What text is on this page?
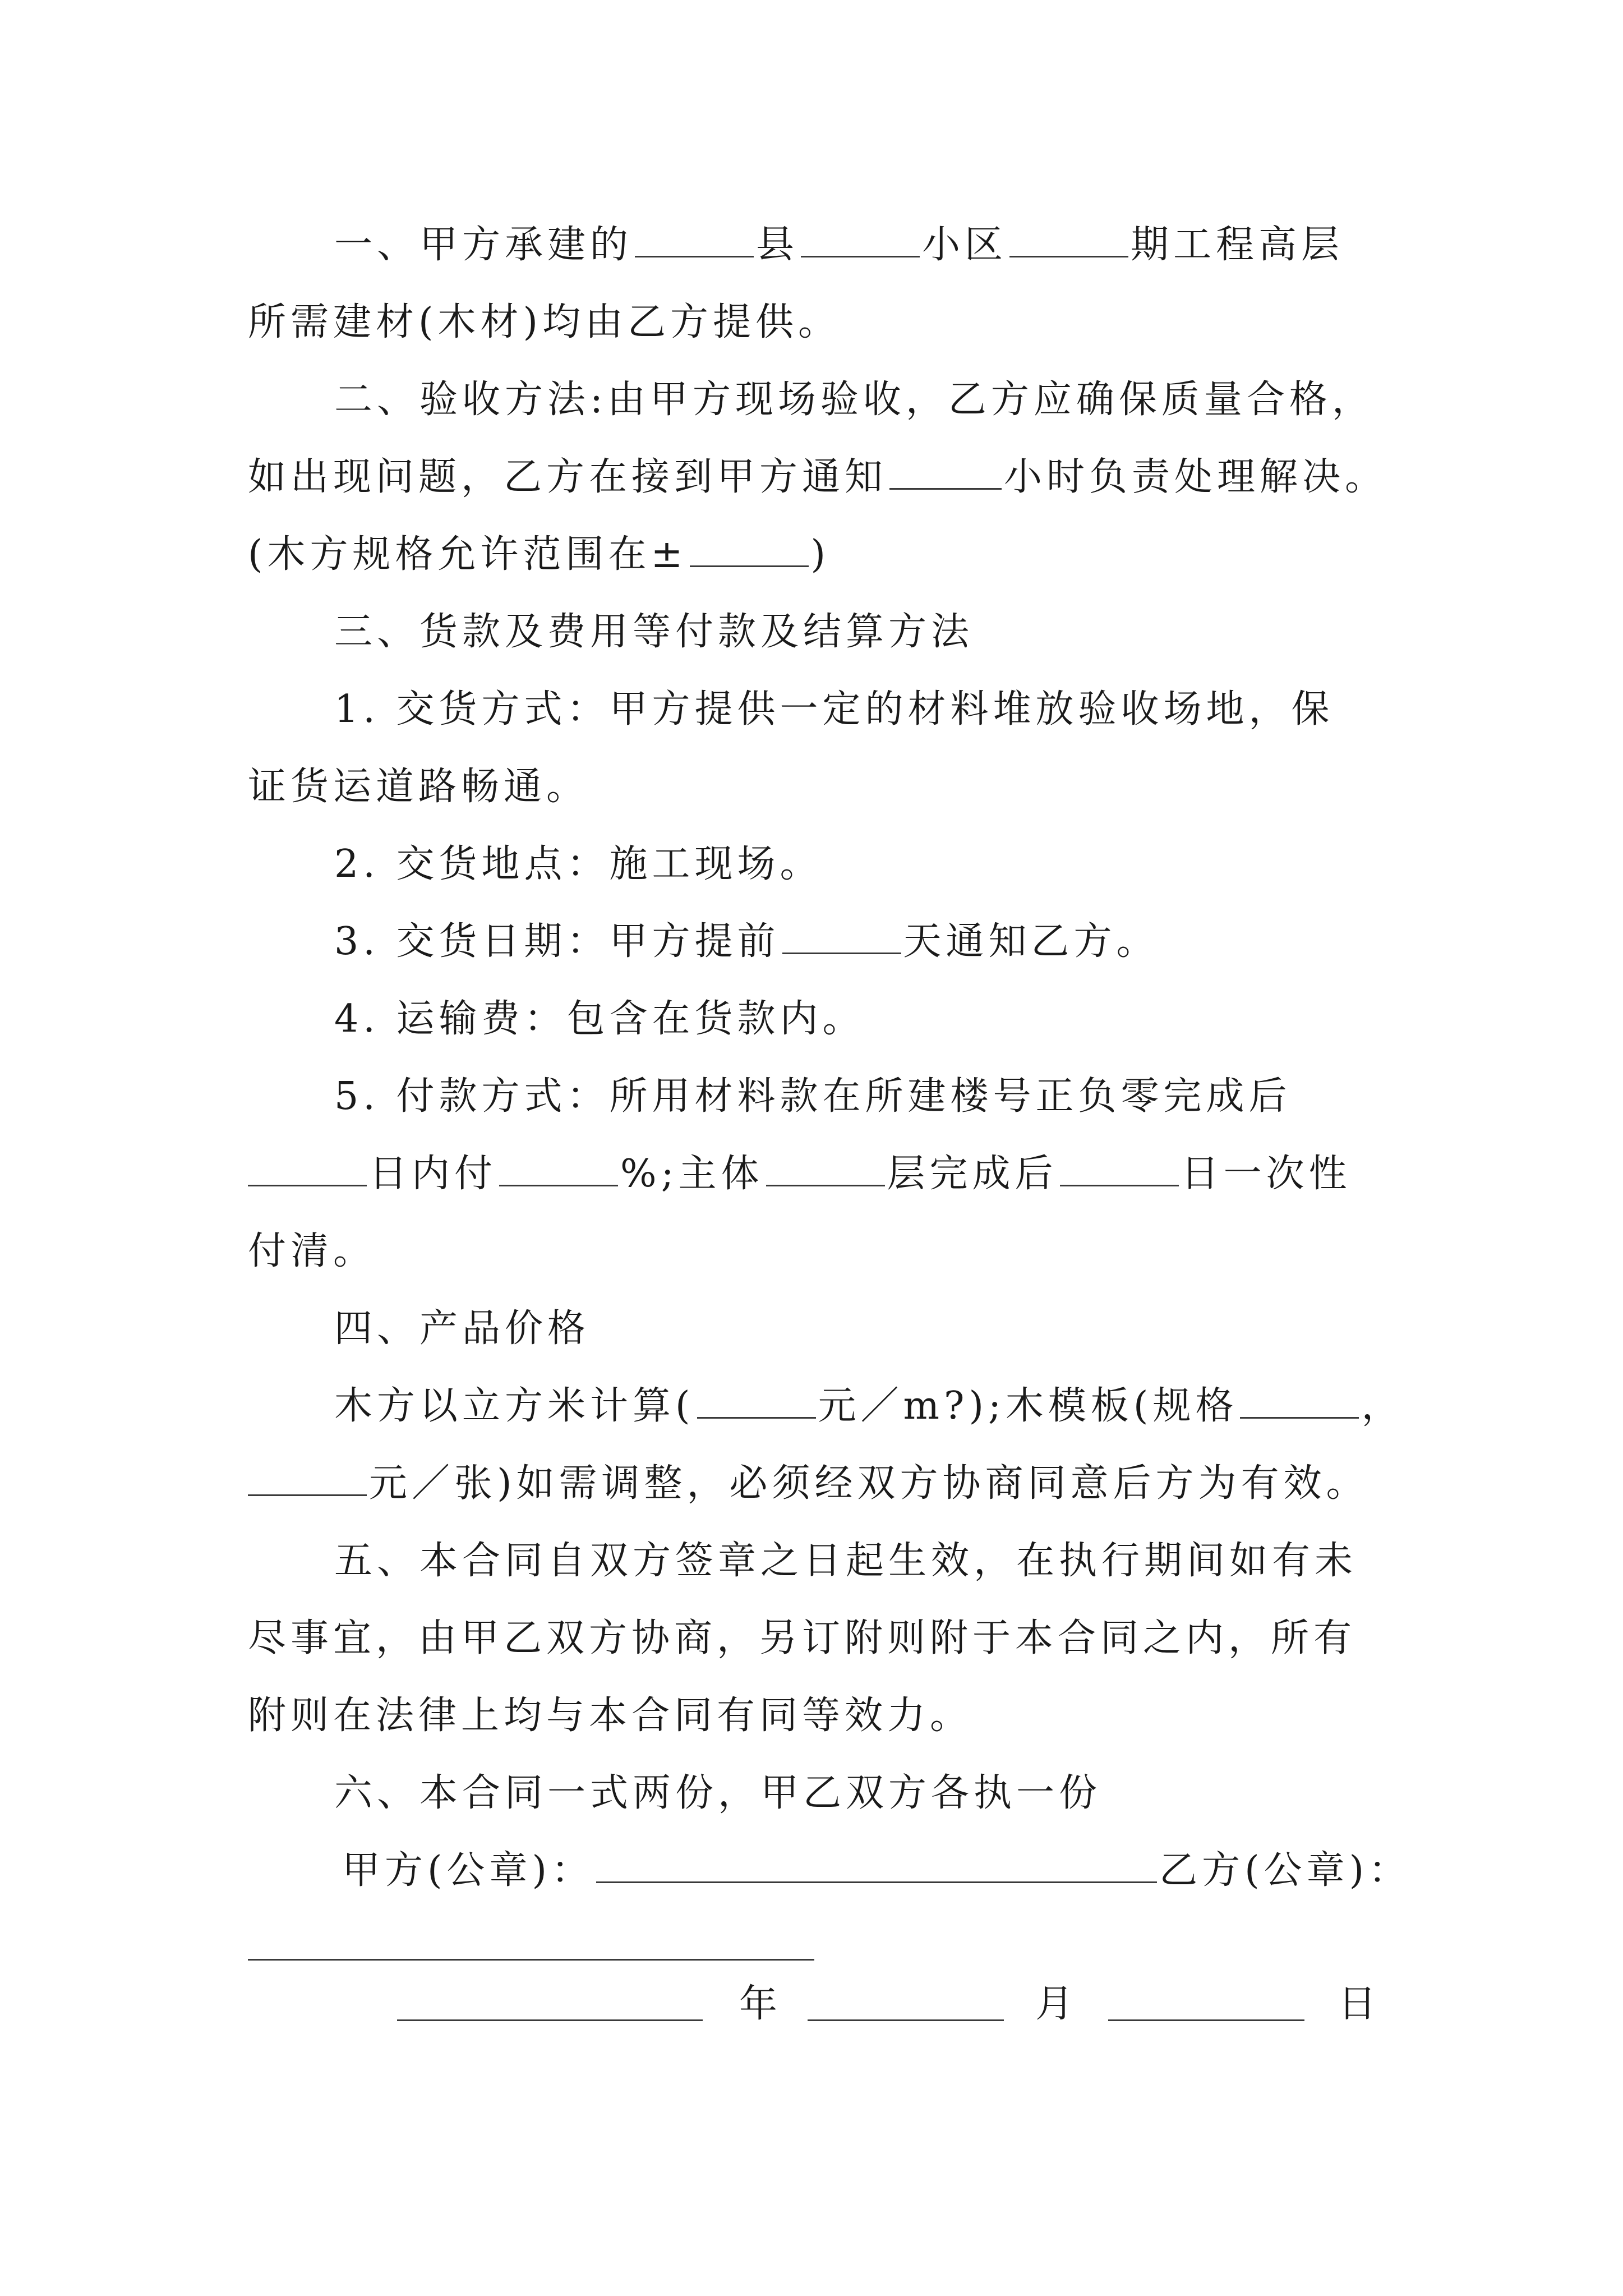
一、甲方承建的	县	小区	期工程高层
所需建材(木材)均由乙方提供。
二、验收方法:由甲方现场验收，乙方应确保质量合格，
如出现问题，乙方在接到甲方通知	小时负责处理解决。
(木方规格允许范围在±	)
三、货款及费用等付款及结算方法
1. 交货方式：甲方提供一定的材料堆放验收场地，保
证货运道路畅通。
2. 交货地点：施工现场。
3. 交货日期：甲方提前	天通知乙方。
4. 运输费：包含在货款内。
5. 付款方式：所用材料款在所建楼号正负零完成后
日内付	%;主体	层完成后	日一次性
付清。
四、产品价格
木方以立方米计算(	元／m?);木模板(规格	，
元／张)如需调整，必须经双方协商同意后方为有效。
五、本合同自双方签章之日起生效，在执行期间如有未
尽事宜，由甲乙双方协商，另订附则附于本合同之内，所有
附则在法律上均与本合同有同等效力。
六、本合同一式两份，甲乙双方各执一份
甲方(公章)：	乙方(公章)：
年	月	日
